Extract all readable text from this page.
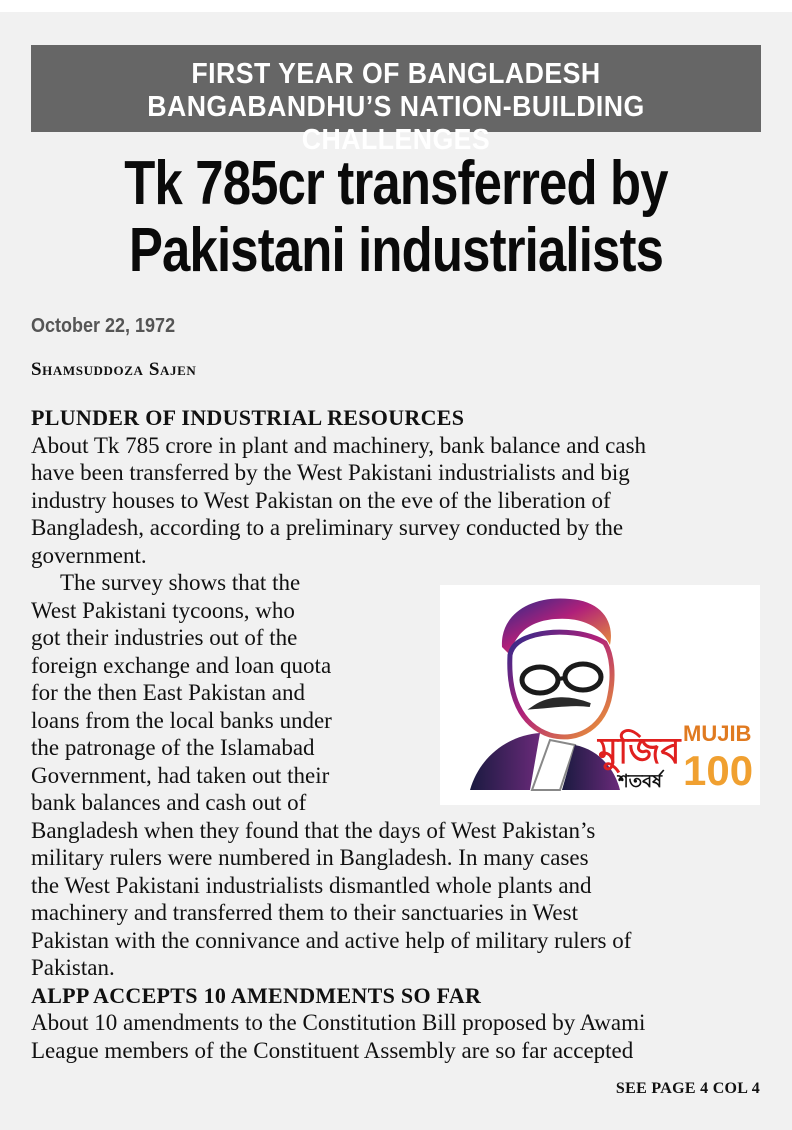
FIRST YEAR OF BANGLADESH
BANGABANDHU’S NATION-BUILDING CHALLENGES
Tk 785cr transferred by
Pakistani industrialists
October 22, 1972
Shamsuddoza Sajen
PLUNDER OF INDUSTRIAL RESOURCES
About Tk 785 crore in plant and machinery, bank balance and cash
have been transferred by the West Pakistani industrialists and big
industry houses to West Pakistan on the eve of the liberation of
Bangladesh, according to a preliminary survey conducted by the
government.
The survey shows that the
West Pakistani tycoons, who
got their industries out of the
foreign exchange and loan quota
for the then East Pakistan and
loans from the local banks under
the patronage of the Islamabad
Government, had taken out their
bank balances and cash out of
Bangladesh when they found that the days of West Pakistan’s
military rulers were numbered in Bangladesh. In many cases
the West Pakistani industrialists dismantled whole plants and
machinery and transferred them to their sanctuaries in West
Pakistan with the connivance and active help of military rulers of
Pakistan.
ALPP ACCEPTS 10 AMENDMENTS SO FAR
About 10 amendments to the Constitution Bill proposed by Awami
League members of the Constituent Assembly are so far accepted
মুজিব
শতবর্ষ
MUJIB
100
SEE PAGE 4 COL 4
